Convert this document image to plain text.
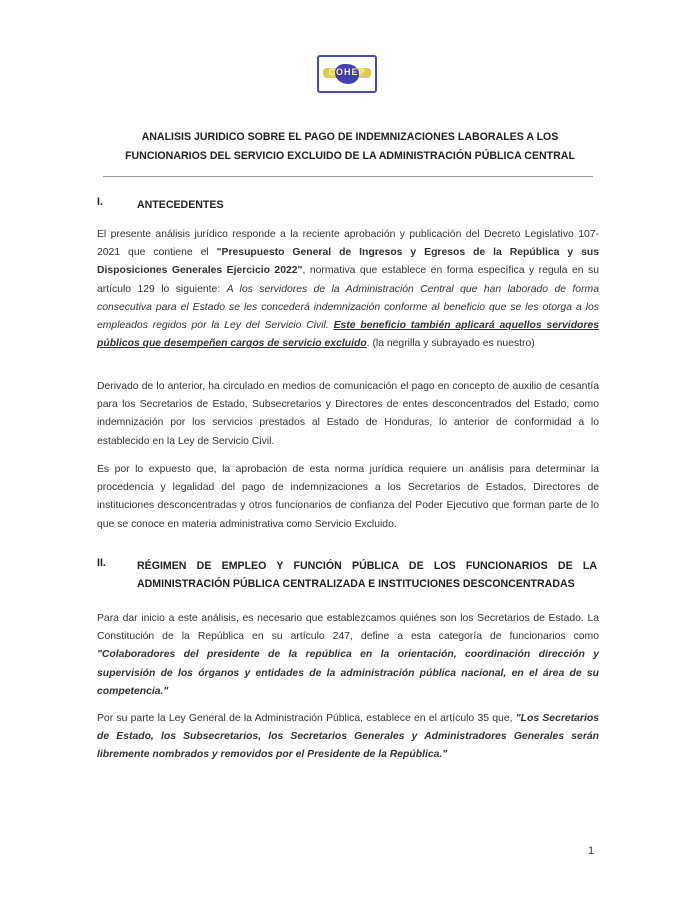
COHEP
ANALISIS JURIDICO SOBRE EL PAGO DE INDEMNIZACIONES LABORALES A LOS
FUNCIONARIOS DEL SERVICIO EXCLUIDO DE LA ADMINISTRACIÓN PÚBLICA CENTRAL
I.	ANTECEDENTES

El presente análisis jurídico responde a la reciente aprobación y publicación del Decreto Legislativo 107-2021 que contiene el "Presupuesto General de Ingresos y Egresos de la República y sus Disposiciones Generales Ejercicio 2022", normativa que establece en forma específica y regula en su artículo 129 lo siguiente: A los servidores de la Administración Central que han laborado de forma consecutiva para el Estado se les concederá indemnización conforme al beneficio que se les otorga a los empleados regidos por la Ley del Servicio Civil. Este beneficio también aplicará aquellos servidores públicos que desempeñen cargos de servicio excluido. (la negrilla y subrayado es nuestro)

Derivado de lo anterior, ha circulado en medios de comunicación el pago en concepto de auxilio de cesantía para los Secretarios de Estado, Subsecretarios y Directores de entes desconcentrados del Estado, como indemnización por los servicios prestados al Estado de Honduras, lo anterior de conformidad a lo establecido en la Ley de Servicio Civil.

Es por lo expuesto que, la aprobación de esta norma jurídica requiere un análisis para determinar la procedencia y legalidad del pago de indemnizaciones a los Secretarios de Estados, Directores de instituciones desconcentradas y otros funcionarios de confianza del Poder Ejecutivo que forman parte de lo que se conoce en materia administrativa como Servicio Excluido.

II.	RÉGIMEN DE EMPLEO Y FUNCIÓN PÚBLICA DE LOS FUNCIONARIOS DE LA ADMINISTRACIÓN PÚBLICA CENTRALIZADA E INSTITUCIONES DESCONCENTRADAS

Para dar inicio a este análisis, es necesario que establezcamos quiénes son los Secretarios de Estado. La Constitución de la República en su artículo 247, define a esta categoría de funcionarios como "Colaboradores del presidente de la república en la orientación, coordinación dirección y supervisión de los órganos y entidades de la administración pública nacional, en el área de su competencia."

Por su parte la Ley General de la Administración Pública, establece en el artículo 35 que, "Los Secretarios de Estado, los Subsecretarios, los Secretarios Generales y Administradores Generales serán libremente nombrados y removidos por el Presidente de la República."

1
